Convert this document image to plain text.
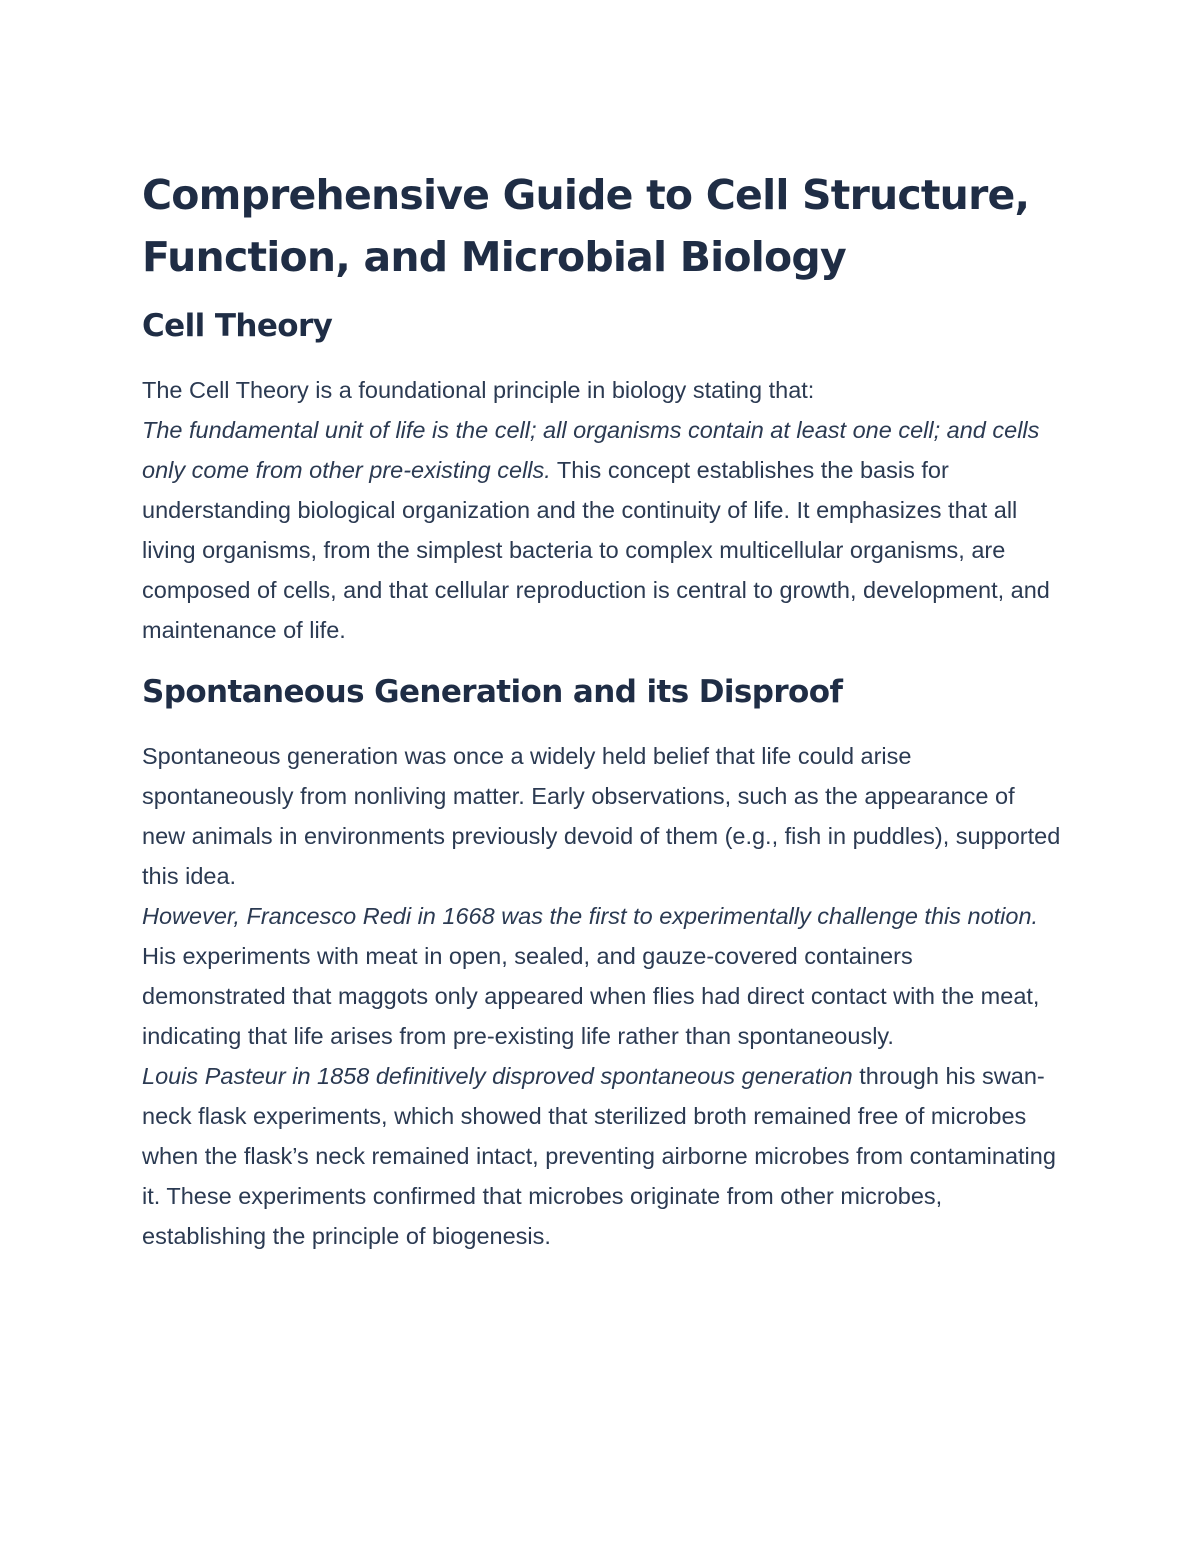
Comprehensive Guide to Cell Structure, Function, and Microbial Biology
Cell Theory

The Cell Theory is a foundational principle in biology stating that:
The fundamental unit of life is the cell; all organisms contain at least one cell; and cells only come from other pre-existing cells. This concept establishes the basis for understanding biological organization and the continuity of life. It emphasizes that all living organisms, from the simplest bacteria to complex multicellular organisms, are composed of cells, and that cellular reproduction is central to growth, development, and maintenance of life.

Spontaneous Generation and its Disproof

Spontaneous generation was once a widely held belief that life could arise spontaneously from nonliving matter. Early observations, such as the appearance of new animals in environments previously devoid of them (e.g., fish in puddles), supported this idea.
However, Francesco Redi in 1668 was the first to experimentally challenge this notion. His experiments with meat in open, sealed, and gauze-covered containers demonstrated that maggots only appeared when flies had direct contact with the meat, indicating that life arises from pre-existing life rather than spontaneously.
Louis Pasteur in 1858 definitively disproved spontaneous generation through his swan-neck flask experiments, which showed that sterilized broth remained free of microbes when the flask’s neck remained intact, preventing airborne microbes from contaminating it. These experiments confirmed that microbes originate from other microbes, establishing the principle of biogenesis.
